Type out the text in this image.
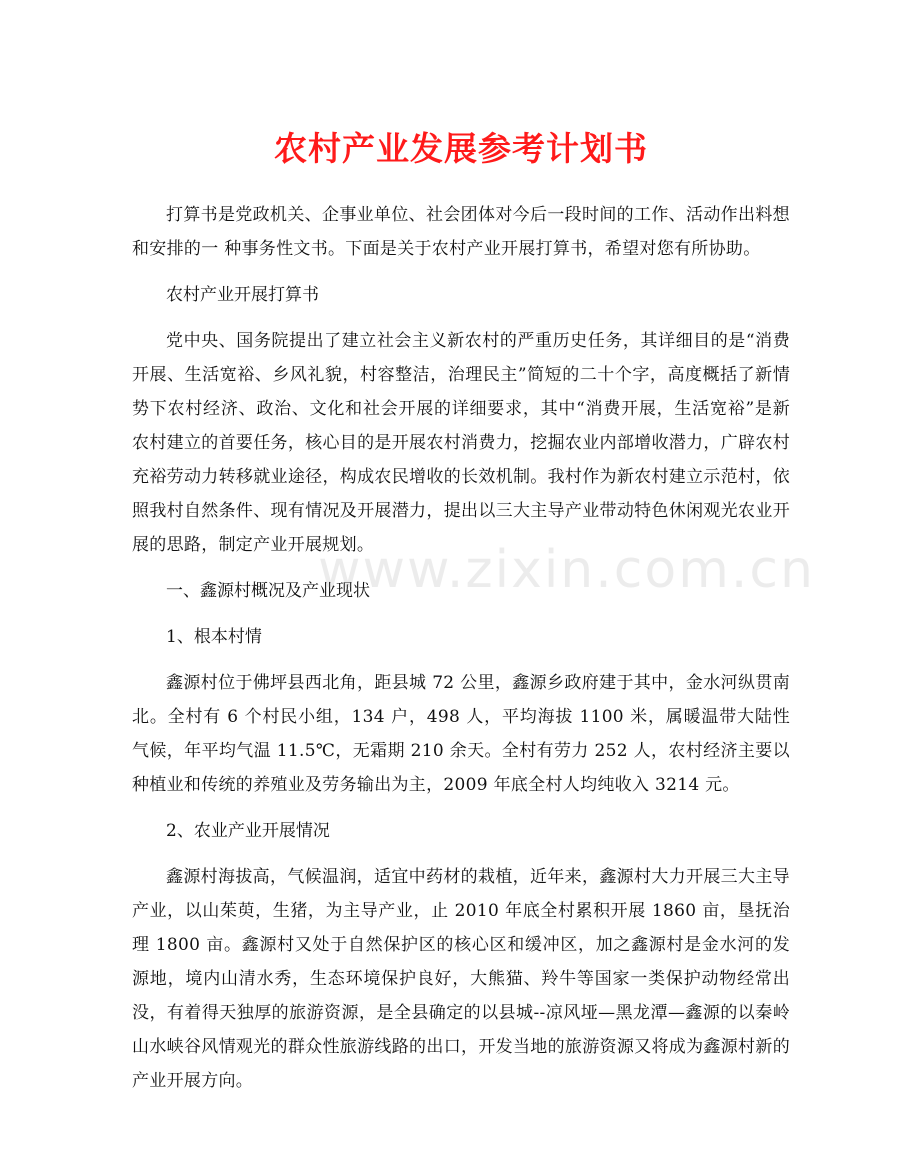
农村产业发展参考计划书

打算书是党政机关、企事业单位、社会团体对今后一段时间的工作、活动作出料想和安排的一 种事务性文书。下面是关于农村产业开展打算书，希望对您有所协助。

农村产业开展打算书

党中央、国务院提出了建立社会主义新农村的严重历史任务，其详细目的是“消费开展、生活宽裕、乡风礼貌，村容整洁，治理民主”简短的二十个字，高度概括了新情势下农村经济、政治、文化和社会开展的详细要求，其中“消费开展，生活宽裕”是新农村建立的首要任务，核心目的是开展农村消费力，挖掘农业内部增收潜力，广辟农村充裕劳动力转移就业途径，构成农民增收的长效机制。我村作为新农村建立示范村，依照我村自然条件、现有情况及开展潜力，提出以三大主导产业带动特色休闲观光农业开展的思路，制定产业开展规划。

一、鑫源村概况及产业现状

1、根本村情

鑫源村位于佛坪县西北角，距县城 72 公里，鑫源乡政府建于其中，金水河纵贯南北。全村有 6 个村民小组，134 户，498 人，平均海拔 1100 米，属暖温带大陆性气候，年平均气温 11.5℃，无霜期 210 余天。全村有劳力 252 人，农村经济主要以种植业和传统的养殖业及劳务输出为主，2009 年底全村人均纯收入 3214 元。

2、农业产业开展情况

鑫源村海拔高，气候温润，适宜中药材的栽植，近年来，鑫源村大力开展三大主导产业，以山茱萸，生猪，为主导产业，止 2010 年底全村累积开展 1860 亩，垦抚治理 1800 亩。鑫源村又处于自然保护区的核心区和缓冲区，加之鑫源村是金水河的发源地，境内山清水秀，生态环境保护良好，大熊猫、羚牛等国家一类保护动物经常出没，有着得天独厚的旅游资源，是全县确定的以县城--凉风垭—黑龙潭—鑫源的以秦岭山水峡谷风情观光的群众性旅游线路的出口，开发当地的旅游资源又将成为鑫源村新的产业开展方向。

www.zixin.com.cn
